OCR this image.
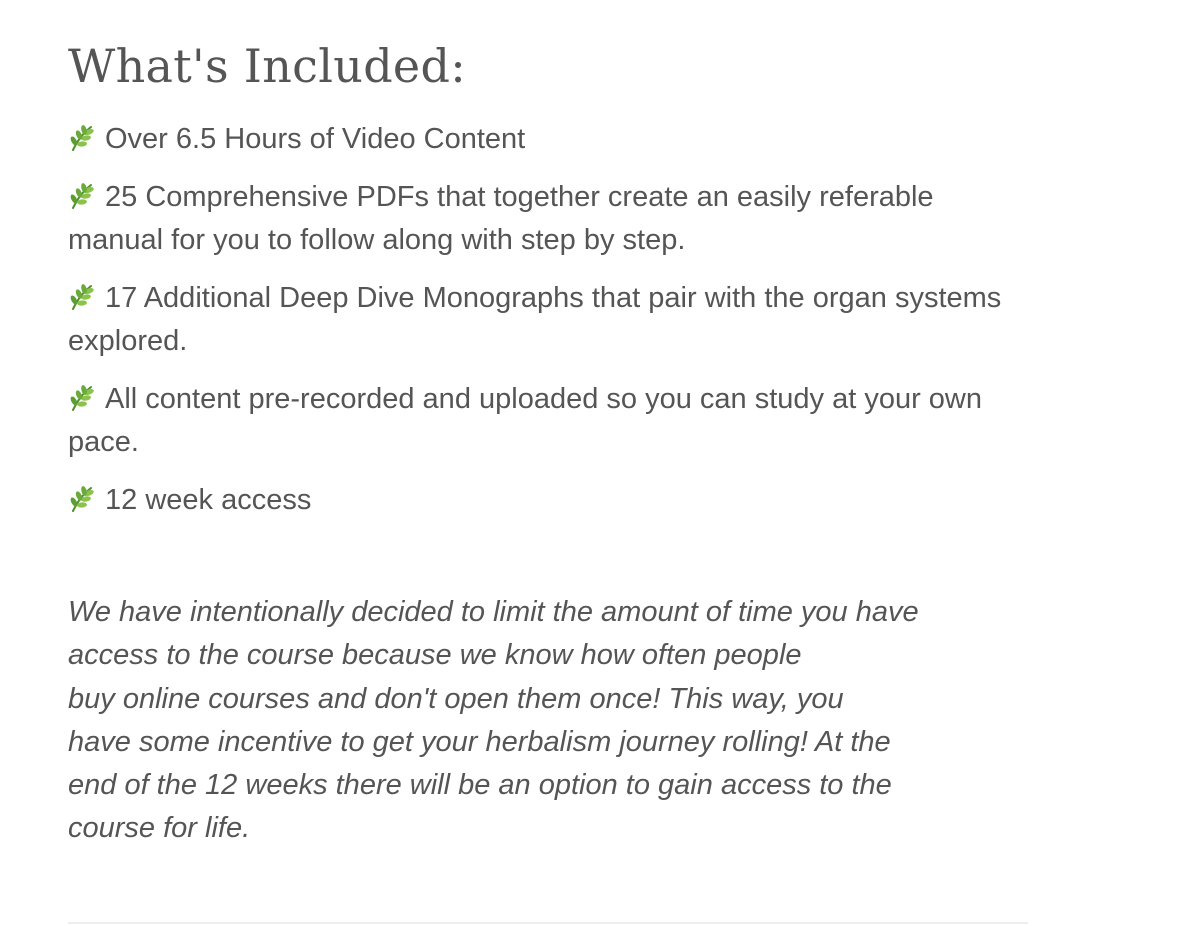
What's Included:
Over 6.5 Hours of Video Content
25 Comprehensive PDFs that together create an easily referable manual for you to follow along with step by step.
17 Additional Deep Dive Monographs that pair with the organ systems explored.
All content pre-recorded and uploaded so you can study at your own pace.
12 week access

We have intentionally decided to limit the amount of time you have
access to the course because we know how often people
buy online courses and don't open them once! This way, you
have some incentive to get your herbalism journey rolling! At the
end of the 12 weeks there will be an option to gain access to the
course for life.
